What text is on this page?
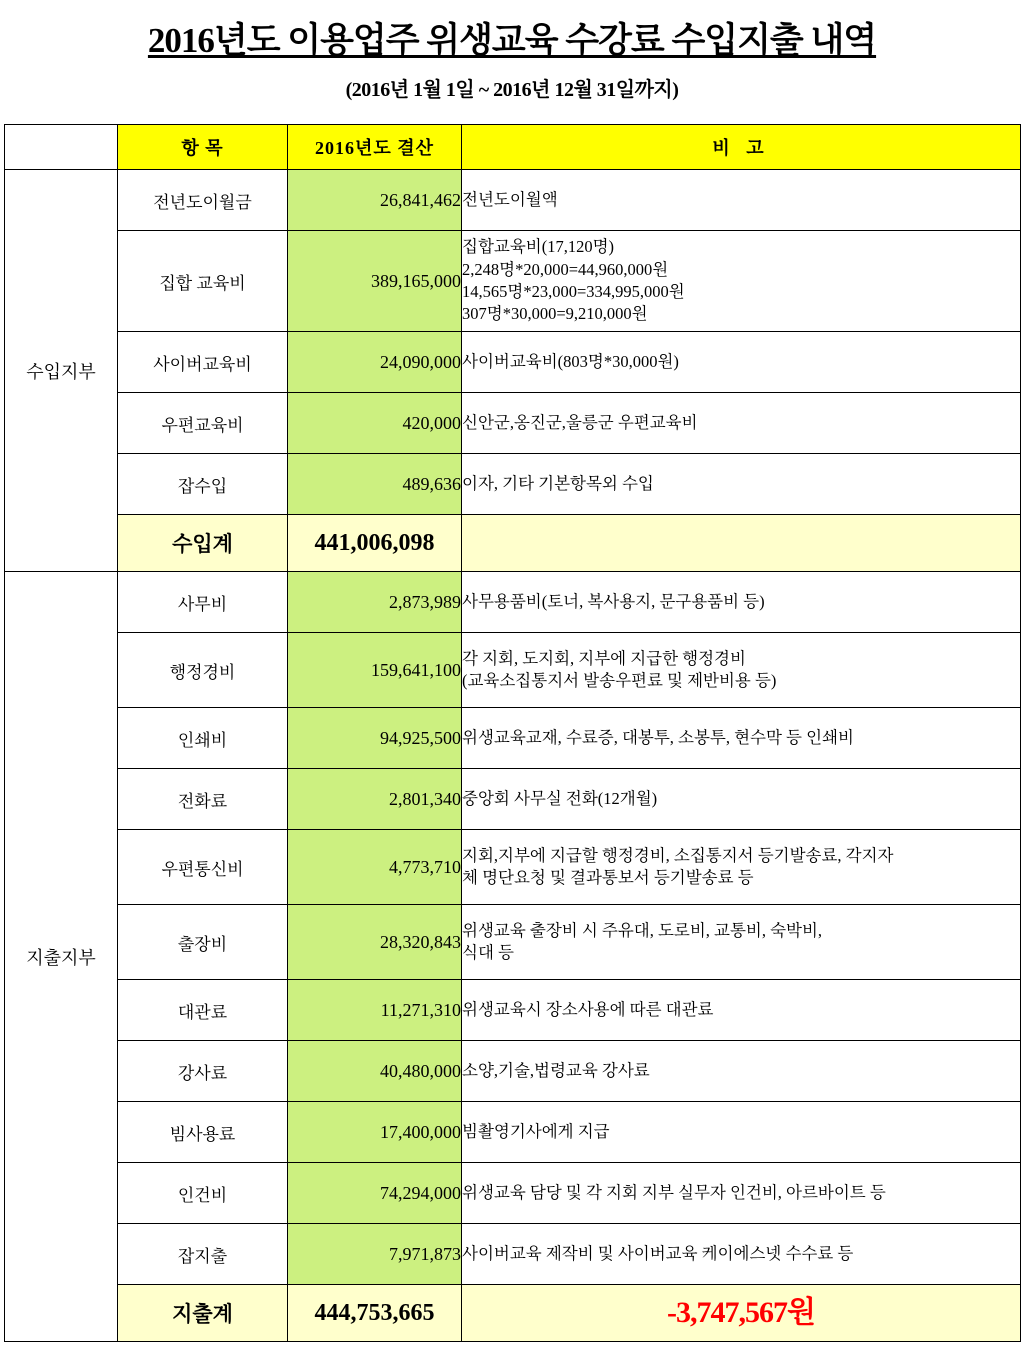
2016년도 이용업주 위생교육 수강료 수입지출 내역
(2016년 1월 1일 ~ 2016년 12월 31일까지)
	항 목	2016년도 결산	비 고
수입지부	전년도이월금	26,841,462	전년도이월액

	집합 교육비	389,165,000	집합교육비(17,120명)
2,248명*20,000=44,960,000원
14,565명*23,000=334,995,000원
307명*30,000=9,210,000원

	사이버교육비	24,090,000	사이버교육비(803명*30,000원)

	우편교육비	420,000	신안군,옹진군,울릉군 우편교육비

	잡수입	489,636	이자, 기타 기본항목외 수입

	수입계	441,006,098	
지출지부	사무비	2,873,989	사무용품비(토너, 복사용지, 문구용품비 등)

	행정경비	159,641,100	각 지회, 도지회, 지부에 지급한 행정경비
(교육소집통지서 발송우편료 및 제반비용 등)

	인쇄비	94,925,500	위생교육교재, 수료증, 대봉투, 소봉투, 현수막 등 인쇄비

	전화료	2,801,340	중앙회 사무실 전화(12개월)

	우편통신비	4,773,710	지회,지부에 지급할 행정경비, 소집통지서 등기발송료, 각지자
체 명단요청 및 결과통보서 등기발송료 등

	출장비	28,320,843	위생교육 출장비 시 주유대, 도로비, 교통비, 숙박비,
식대 등

	대관료	11,271,310	위생교육시 장소사용에 따른 대관료

	강사료	40,480,000	소양,기술,법령교육 강사료

	빔사용료	17,400,000	빔촬영기사에게 지급

	인건비	74,294,000	위생교육 담당 및 각 지회 지부 실무자 인건비, 아르바이트 등

	잡지출	7,971,873	사이버교육 제작비 및 사이버교육 케이에스넷 수수료 등

	지출계	444,753,665	-3,747,567원
